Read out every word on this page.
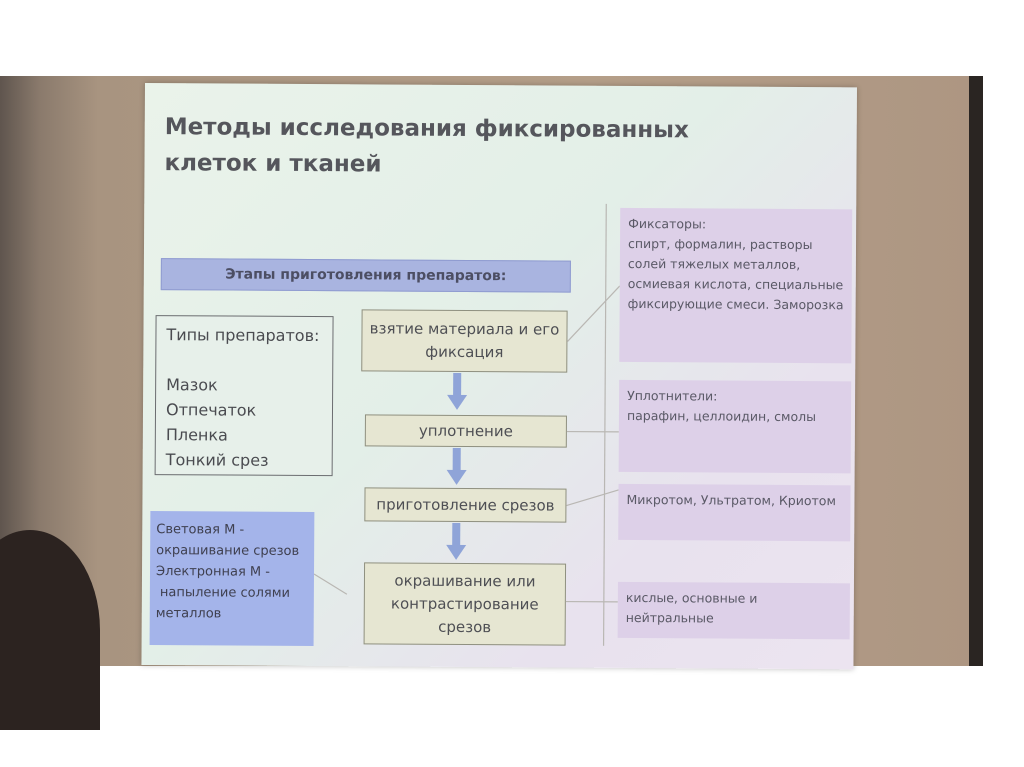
Методы исследования фиксированных клеток и тканей
Этапы приготовления препаратов:
Типы препаратов:
Мазок
Отпечаток
Пленка
Тонкий срез
взятие материала и его фиксация
уплотнение
приготовление срезов
окрашивание или контрастирование срезов
Фиксаторы:
спирт, формалин, растворы солей тяжелых металлов, осмиевая кислота, специальные фиксирующие смеси. Заморозка
Уплотнители:
парафин, целлоидин, смолы
Микротом, Ультратом, Криотом
кислые, основные и нейтральные
Световая М -
окрашивание срезов
Электронная М -
напыление солями
металлов
